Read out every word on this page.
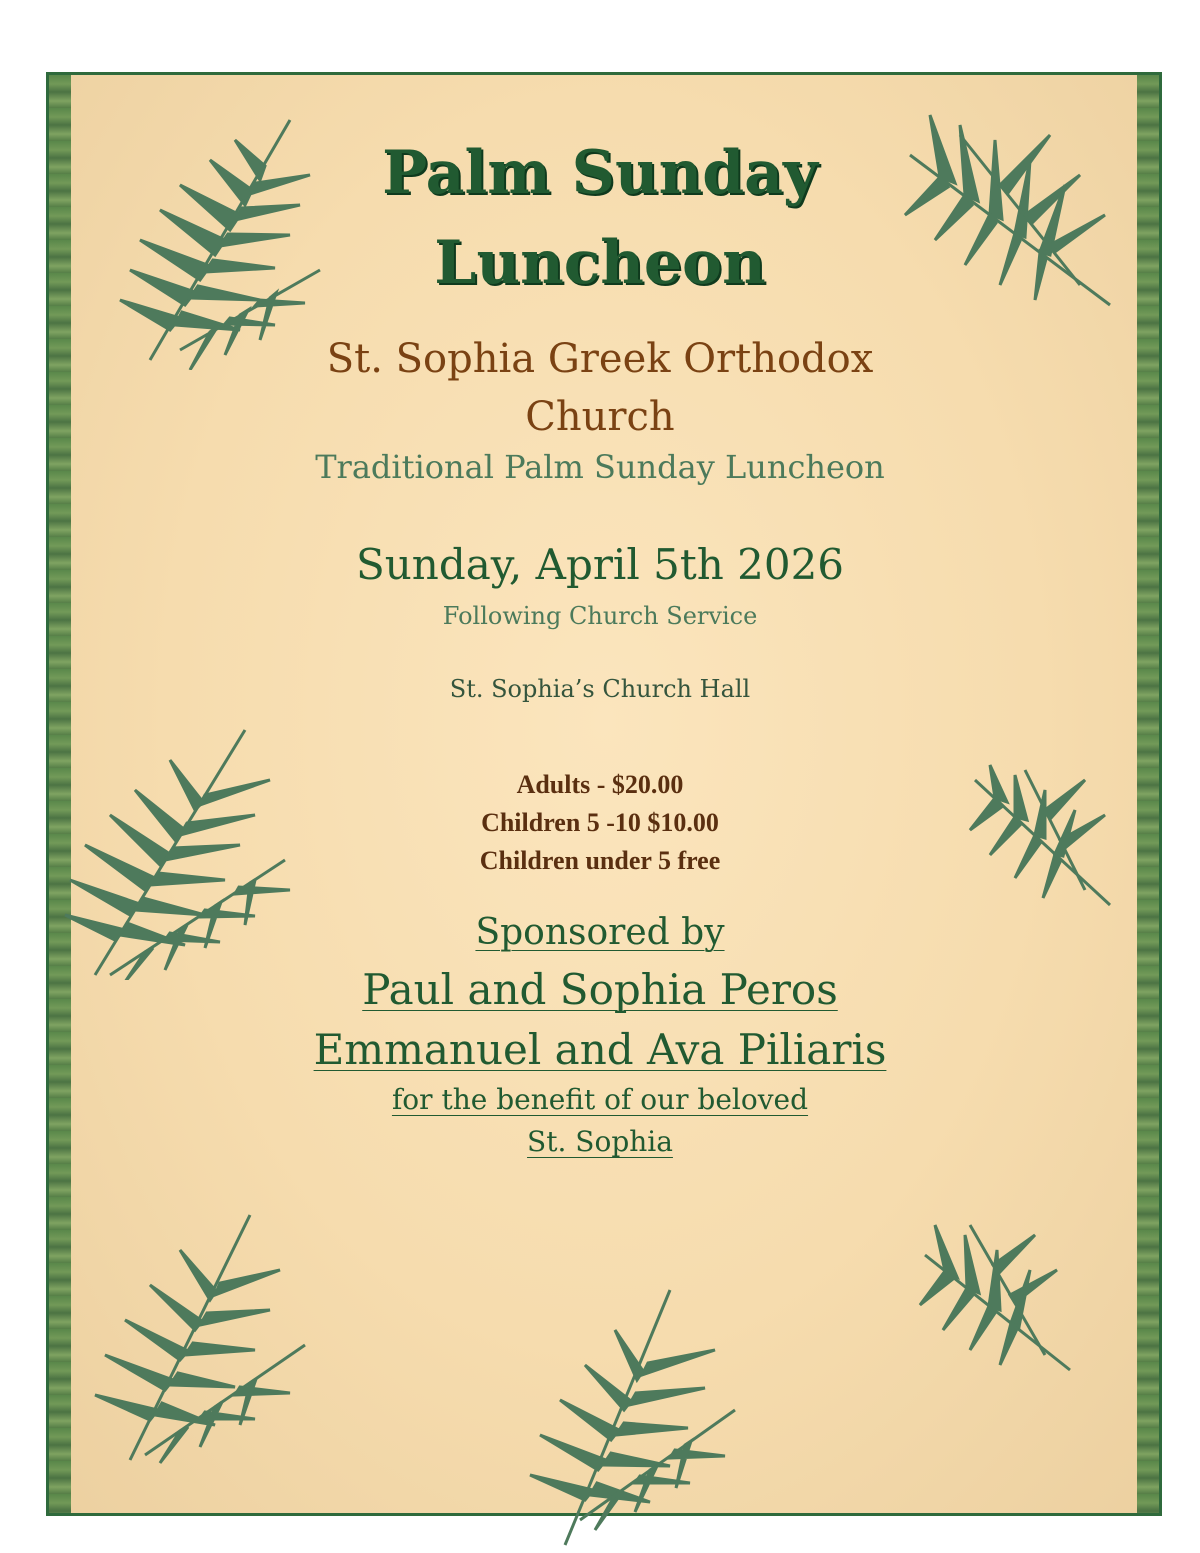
Palm Sunday
Luncheon
St. Sophia Greek Orthodox
Church
Traditional Palm Sunday Luncheon
Sunday, April 5th 2026
Following Church Service
St. Sophia’s Church Hall
Adults - $20.00
Children 5 -10 $10.00
Children under 5 free
Sponsored by
Paul and Sophia Peros
Emmanuel and Ava Piliaris
for the benefit of our beloved
St. Sophia
